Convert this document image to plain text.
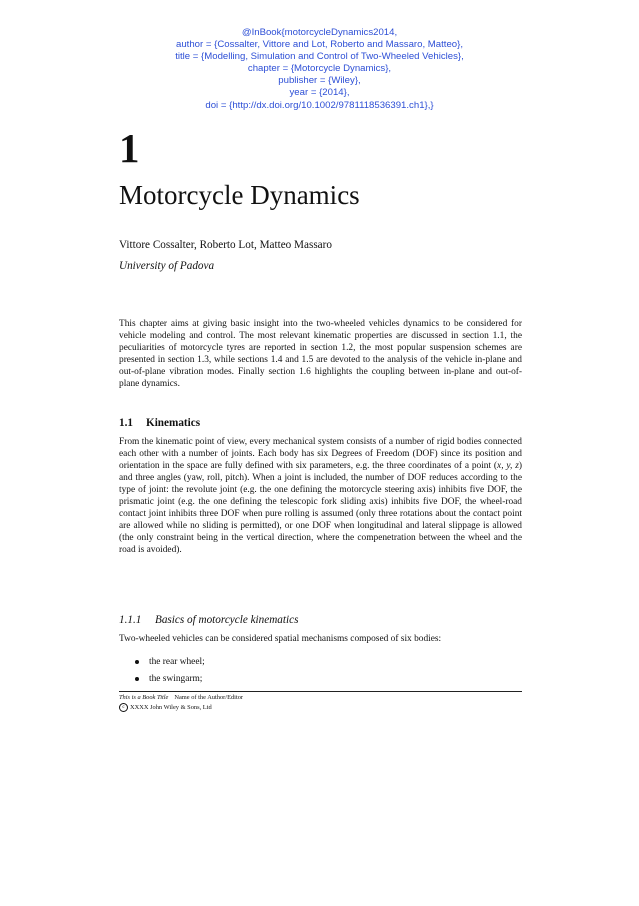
@InBook{motorcycleDynamics2014,
author = {Cossalter, Vittore and Lot, Roberto and Massaro, Matteo},
title = {Modelling, Simulation and Control of Two-Wheeled Vehicles},
chapter = {Motorcycle Dynamics},
publisher = {Wiley},
year = {2014},
doi = {http://dx.doi.org/10.1002/9781118536391.ch1},}
1
Motorcycle Dynamics
Vittore Cossalter, Roberto Lot, Matteo Massaro
University of Padova
This chapter aims at giving basic insight into the two-wheeled vehicles dynamics to be considered for vehicle modeling and control. The most relevant kinematic properties are discussed in section 1.1, the peculiarities of motorcycle tyres are reported in section 1.2, the most popular suspension schemes are presented in section 1.3, while sections 1.4 and 1.5 are devoted to the analysis of the vehicle in-plane and out-of-plane vibration modes. Finally section 1.6 highlights the coupling between in-plane and out-of-plane dynamics.
1.1 Kinematics
From the kinematic point of view, every mechanical system consists of a number of rigid bodies connected each other with a number of joints. Each body has six Degrees of Freedom (DOF) since its position and orientation in the space are fully defined with six parameters, e.g. the three coordinates of a point (x, y, z) and three angles (yaw, roll, pitch). When a joint is included, the number of DOF reduces according to the type of joint: the revolute joint (e.g. the one defining the motorcycle steering axis) inhibits five DOF, the prismatic joint (e.g. the one defining the telescopic fork sliding axis) inhibits five DOF, the wheel-road contact joint inhibits three DOF when pure rolling is assumed (only three rotations about the contact point are allowed while no sliding is permitted), or one DOF when longitudinal and lateral slippage is allowed (the only constraint being in the vertical direction, where the compenetration between the wheel and the road is avoided).
1.1.1 Basics of motorcycle kinematics
Two-wheeled vehicles can be considered spatial mechanisms composed of six bodies:
the rear wheel;
the swingarm;
This is a Book Title Name of the Author/Editor
c XXXX John Wiley & Sons, Ltd
